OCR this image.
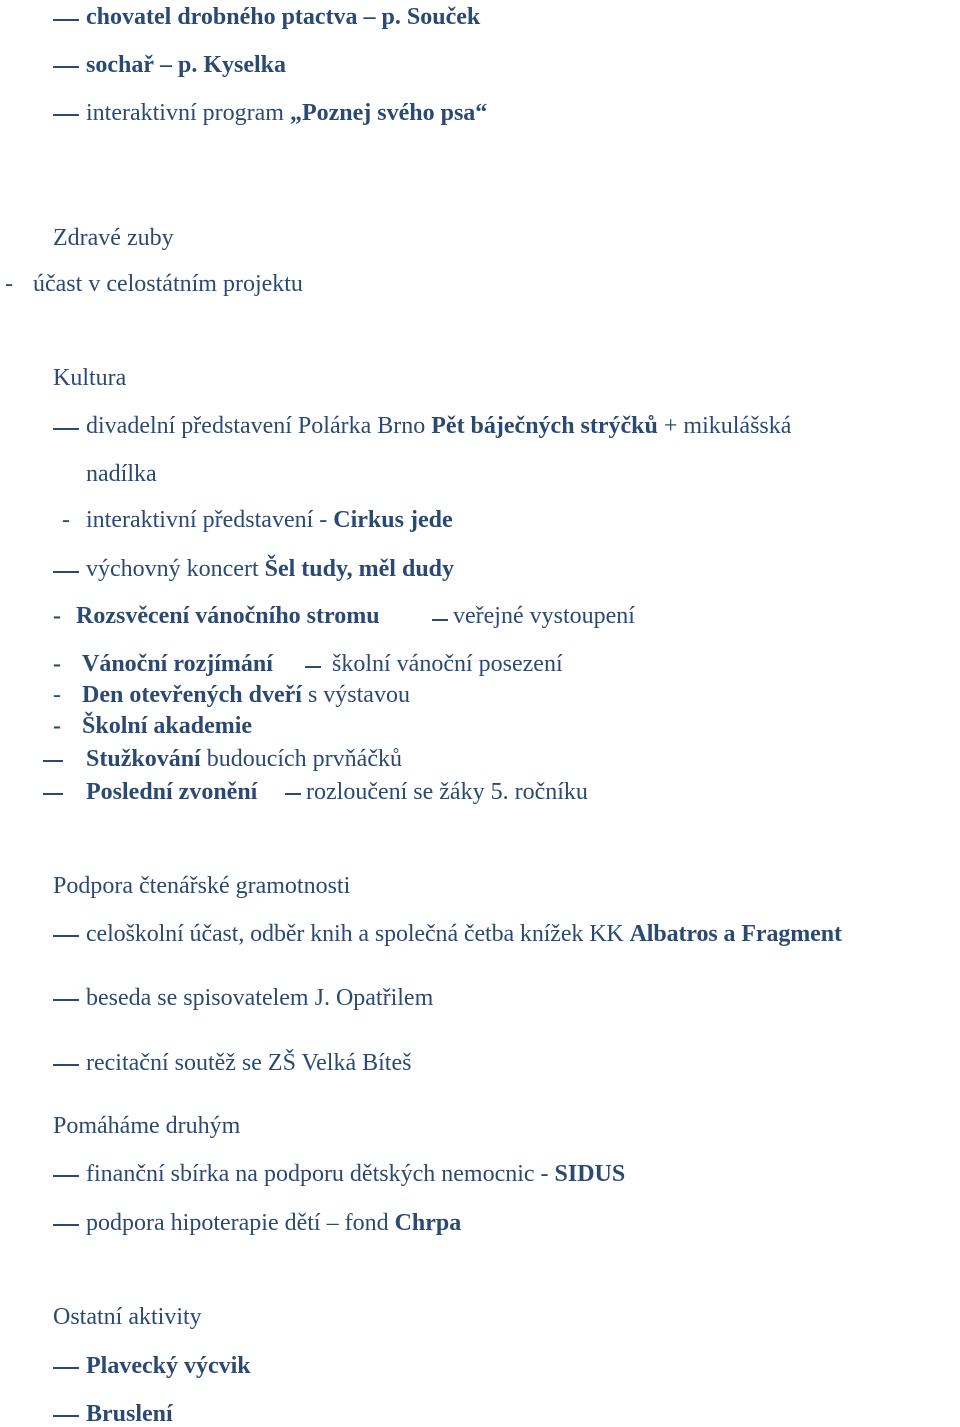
chovatel drobného ptactva – p. Souček
sochař – p. Kyselka
interaktivní program „Poznej svého psa“
Zdravé zuby
- účast v celostátním projektu
Kultura
divadelní představení Polárka Brno Pět báječných strýčků + mikulášská
nadílka
- interaktivní představení - Cirkus jede
výchovný koncert Šel tudy, měl dudy
- Rozsvěcení vánočního stromu	veřejné vystoupení
- Vánoční rozjímání školní vánoční posezení
- Den otevřených dveří s výstavou
- Školní akademie
Stužkování budoucích prvňáčků
Poslední zvonění rozloučení se žáky 5. ročníku
Podpora čtenářské gramotnosti
celoškolní účast, odběr knih a společná četba knížek KK Albatros a Fragment
beseda se spisovatelem J. Opatřilem
recitační soutěž se ZŠ Velká Bíteš
Pomáháme druhým
finanční sbírka na podporu dětských nemocnic - SIDUS
podpora hipoterapie dětí – fond Chrpa
Ostatní aktivity
Plavecký výcvik
Bruslení
